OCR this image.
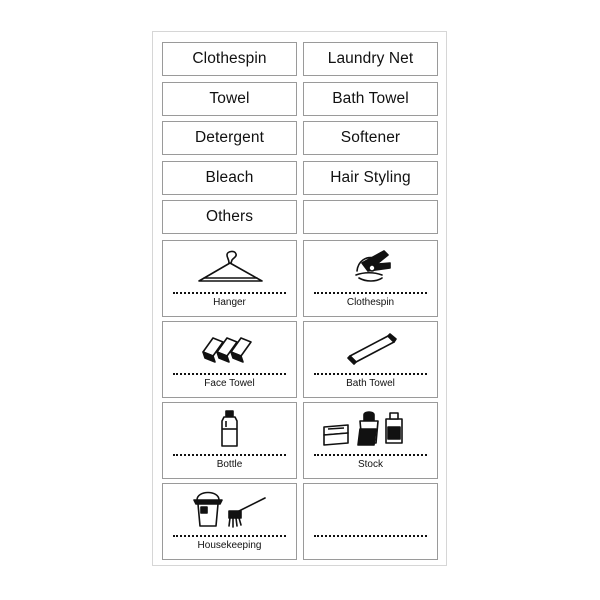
Clothespin	Laundry Net
Towel	Bath Towel
Detergent	Softener
Bleach	Hair Styling
Others
Hanger	Clothespin
Face Towel	Bath Towel
Bottle	Stock
Housekeeping
